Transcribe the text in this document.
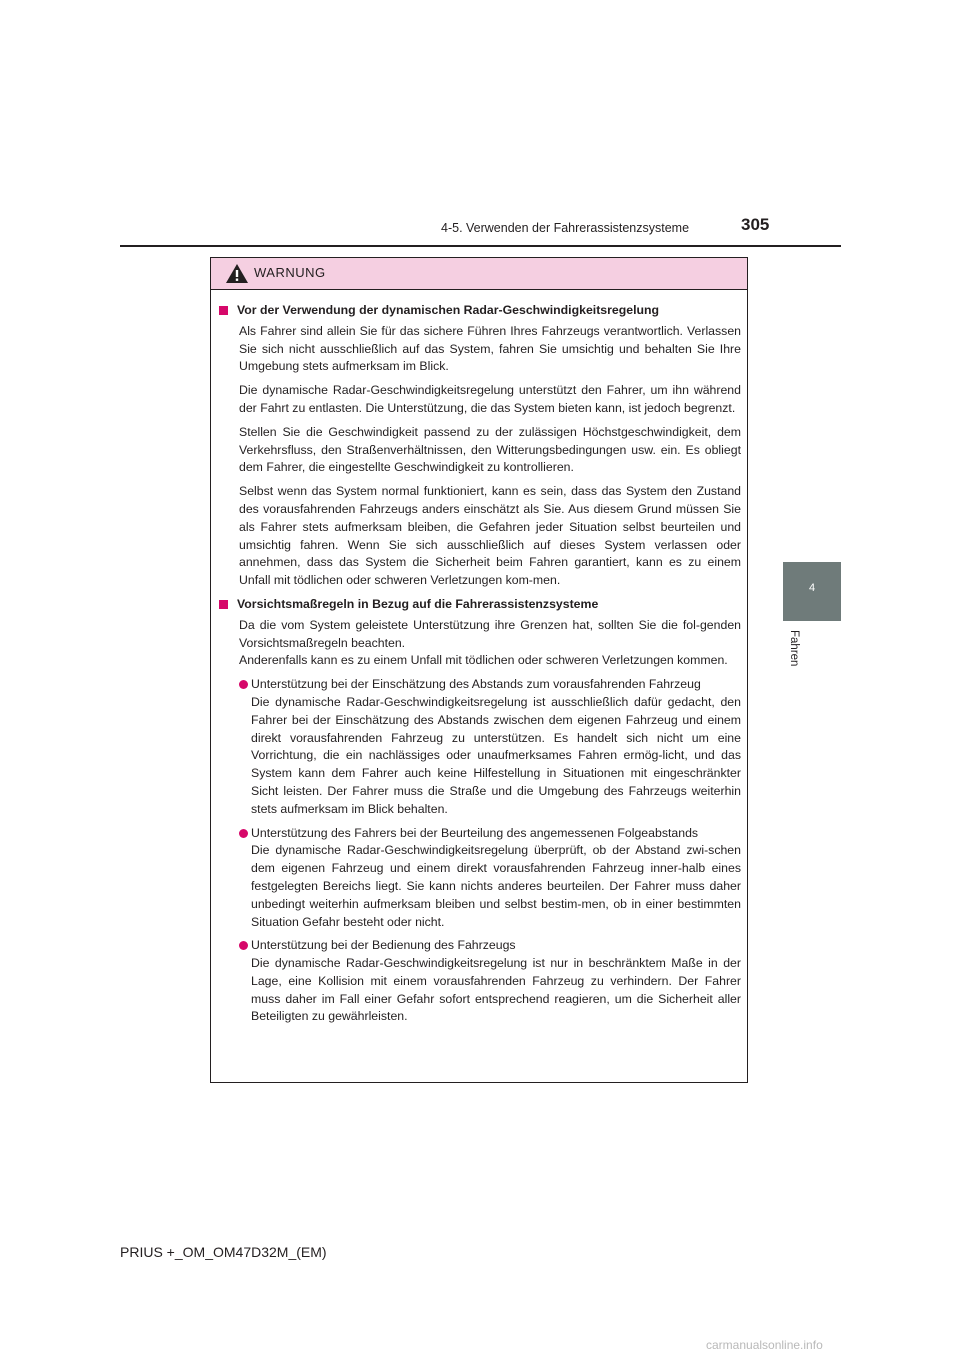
4-5. Verwenden der Fahrerassistenzsysteme	305
4
Fahren
WARNUNG
Vor der Verwendung der dynamischen Radar-Geschwindigkeitsregelung

Als Fahrer sind allein Sie für das sichere Führen Ihres Fahrzeugs verantwortlich. Verlassen Sie sich nicht ausschließlich auf das System, fahren Sie umsichtig und behalten Sie Ihre Umgebung stets aufmerksam im Blick.

Die dynamische Radar-Geschwindigkeitsregelung unterstützt den Fahrer, um ihn während der Fahrt zu entlasten. Die Unterstützung, die das System bieten kann, ist jedoch begrenzt.

Stellen Sie die Geschwindigkeit passend zu der zulässigen Höchstgeschwindigkeit, dem Verkehrsfluss, den Straßenverhältnissen, den Witterungsbedingungen usw. ein. Es obliegt dem Fahrer, die eingestellte Geschwindigkeit zu kontrollieren.

Selbst wenn das System normal funktioniert, kann es sein, dass das System den Zustand des vorausfahrenden Fahrzeugs anders einschätzt als Sie. Aus diesem Grund müssen Sie als Fahrer stets aufmerksam bleiben, die Gefahren jeder Situation selbst beurteilen und umsichtig fahren. Wenn Sie sich ausschließlich auf dieses System verlassen oder annehmen, dass das System die Sicherheit beim Fahren garantiert, kann es zu einem Unfall mit tödlichen oder schweren Verletzungen kom-men.

Vorsichtsmaßregeln in Bezug auf die Fahrerassistenzsysteme

Da die vom System geleistete Unterstützung ihre Grenzen hat, sollten Sie die fol-genden Vorsichtsmaßregeln beachten.

Anderenfalls kann es zu einem Unfall mit tödlichen oder schweren Verletzungen kommen.

Unterstützung bei der Einschätzung des Abstands zum vorausfahrenden Fahrzeug
Die dynamische Radar-Geschwindigkeitsregelung ist ausschließlich dafür gedacht, den Fahrer bei der Einschätzung des Abstands zwischen dem eigenen Fahrzeug und einem direkt vorausfahrenden Fahrzeug zu unterstützen. Es handelt sich nicht um eine Vorrichtung, die ein nachlässiges oder unaufmerksames Fahren ermög-licht, und das System kann dem Fahrer auch keine Hilfestellung in Situationen mit eingeschränkter Sicht leisten. Der Fahrer muss die Straße und die Umgebung des Fahrzeugs weiterhin stets aufmerksam im Blick behalten.
Unterstützung des Fahrers bei der Beurteilung des angemessenen Folgeabstands
Die dynamische Radar-Geschwindigkeitsregelung überprüft, ob der Abstand zwi-schen dem eigenen Fahrzeug und einem direkt vorausfahrenden Fahrzeug inner-halb eines festgelegten Bereichs liegt. Sie kann nichts anderes beurteilen. Der Fahrer muss daher unbedingt weiterhin aufmerksam bleiben und selbst bestim-men, ob in einer bestimmten Situation Gefahr besteht oder nicht.
Unterstützung bei der Bedienung des Fahrzeugs
Die dynamische Radar-Geschwindigkeitsregelung ist nur in beschränktem Maße in der Lage, eine Kollision mit einem vorausfahrenden Fahrzeug zu verhindern. Der Fahrer muss daher im Fall einer Gefahr sofort entsprechend reagieren, um die Sicherheit aller Beteiligten zu gewährleisten.
PRIUS +_OM_OM47D32M_(EM)
carmanualsonline.info
